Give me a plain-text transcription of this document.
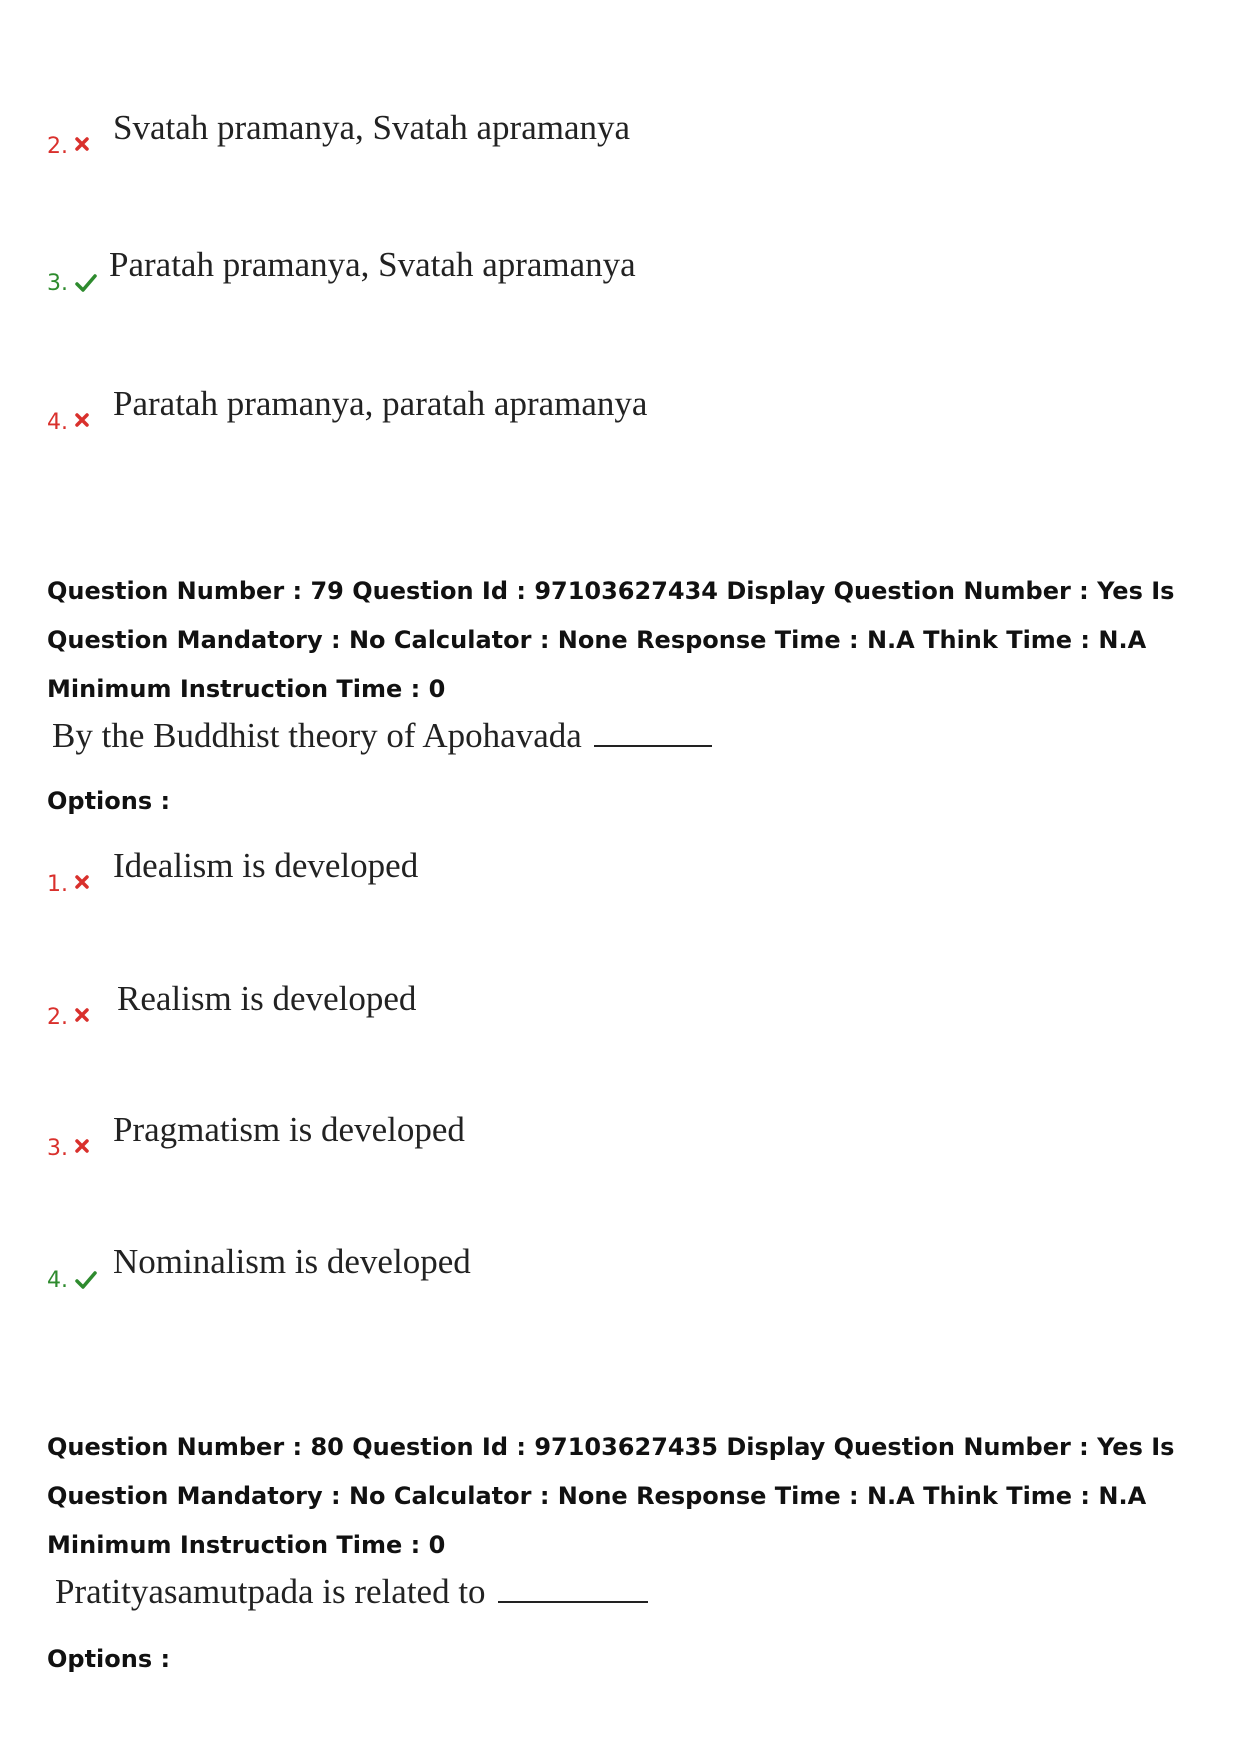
2. Svatah pramanya, Svatah apramanya
3. Paratah pramanya, Svatah apramanya
4. Paratah pramanya, paratah apramanya
Question Number : 79 Question Id : 97103627434 Display Question Number : Yes Is Question Mandatory : No Calculator : None Response Time : N.A Think Time : N.A Minimum Instruction Time : 0
By the Buddhist theory of Apohavada
Options :
1. Idealism is developed
2. Realism is developed
3. Pragmatism is developed
4. Nominalism is developed
Question Number : 80 Question Id : 97103627435 Display Question Number : Yes Is Question Mandatory : No Calculator : None Response Time : N.A Think Time : N.A Minimum Instruction Time : 0
Pratityasamutpada is related to
Options :
